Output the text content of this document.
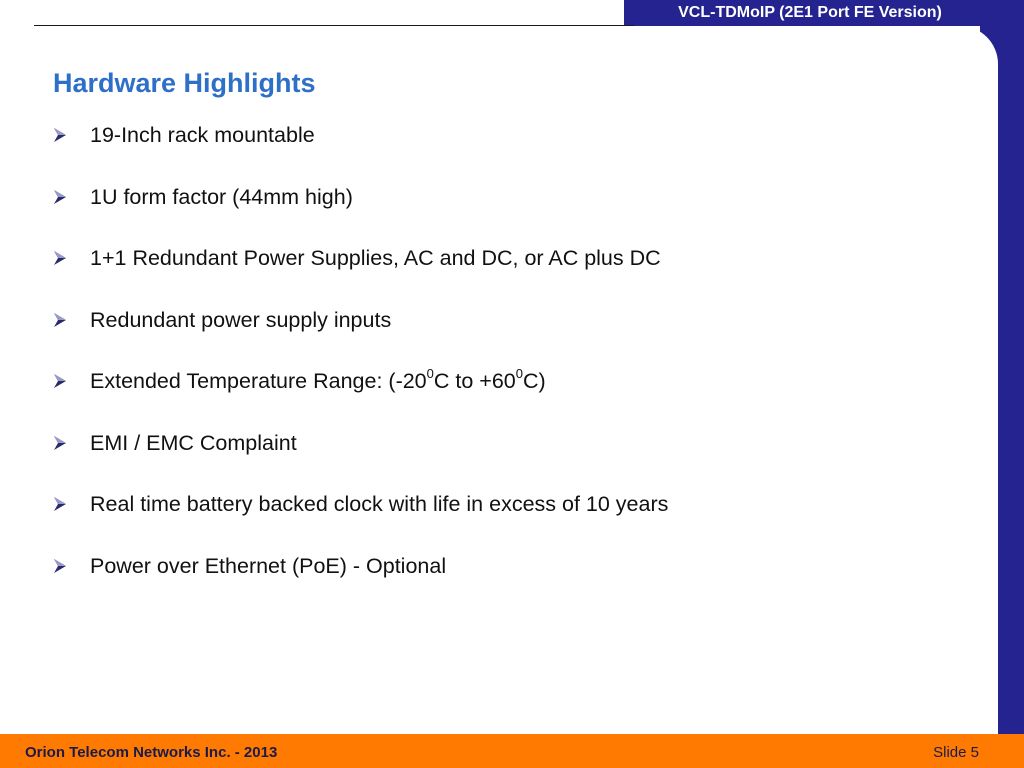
VCL-TDMoIP (2E1 Port FE Version)
Hardware Highlights
19-Inch rack mountable
1U form factor (44mm high)
1+1 Redundant Power Supplies, AC and DC, or AC plus DC
Redundant power supply inputs
Extended Temperature Range: ($-20^0C$ to $+60^0C$)
EMI / EMC Complaint
Real time battery backed clock with life in excess of 10 years
Power over Ethernet (PoE) - Optional
Orion Telecom Networks Inc. - 2013	Slide 5
